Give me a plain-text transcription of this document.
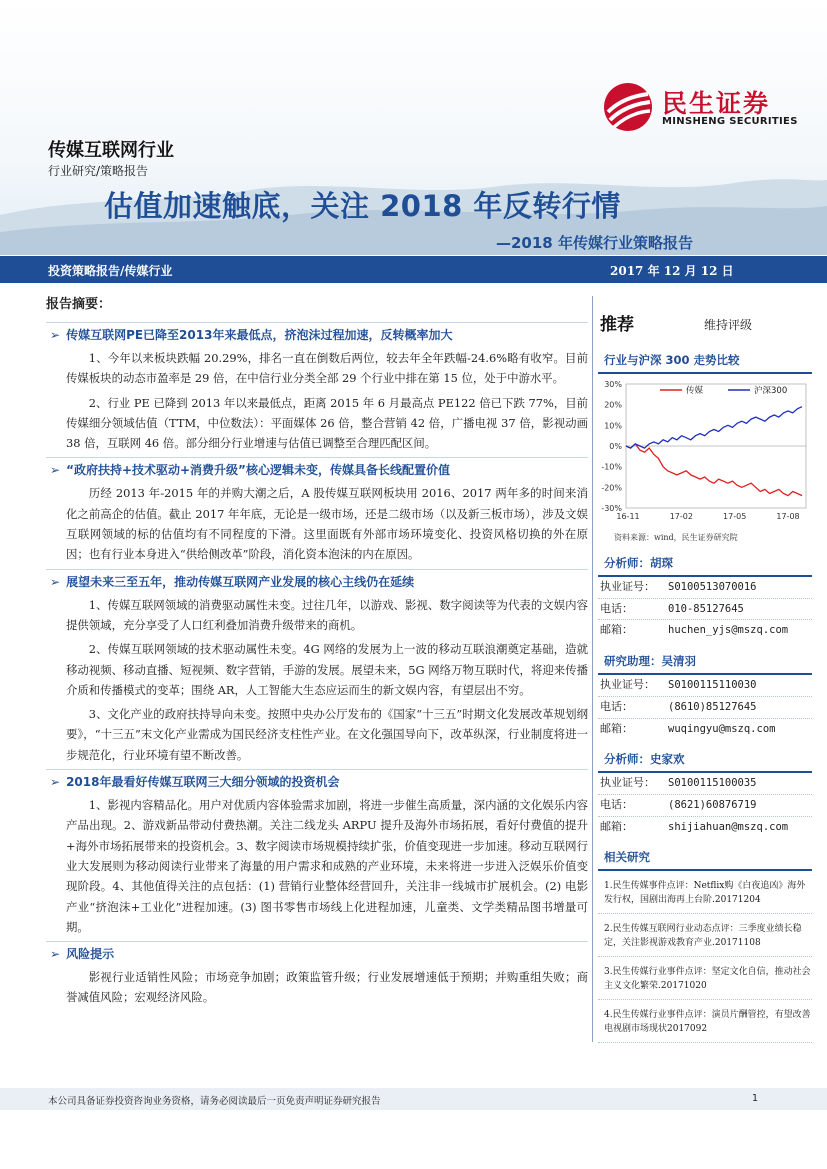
民生证券
MINSHENG SECURITIES
传媒互联网行业
行业研究/策略报告
估值加速触底，关注 2018 年反转行情
—2018 年传媒行业策略报告
投资策略报告/传媒行业	2017 年 12 月 12 日
报告摘要：
➢ 传媒互联网PE已降至2013年来最低点，挤泡沫过程加速，反转概率加大

1、今年以来板块跌幅 20.29%，排名一直在倒数后两位，较去年全年跌幅-24.6%略有收窄。目前传媒板块的动态市盈率是 29 倍，在中信行业分类全部 29 个行业中排在第 15 位，处于中游水平。

2、行业 PE 已降到 2013 年以来最低点，距离 2015 年 6 月最高点 PE122 倍已下跌 77%，目前传媒细分领域估值（TTM，中位数法）：平面媒体 26 倍，整合营销 42 倍，广播电视 37 倍，影视动画 38 倍，互联网 46 倍。部分细分行业增速与估值已调整至合理匹配区间。

➢ “政府扶持+技术驱动+消费升级”核心逻辑未变，传媒具备长线配置价值

历经 2013 年-2015 年的并购大潮之后，A 股传媒互联网板块用 2016、2017 两年多的时间来消化之前高企的估值。截止 2017 年年底，无论是一级市场，还是二级市场（以及新三板市场），涉及文娱互联网领域的标的估值均有不同程度的下滑。这里面既有外部市场环境变化、投资风格切换的外在原因；也有行业本身进入“供给侧改革”阶段，消化资本泡沫的内在原因。

➢ 展望未来三至五年，推动传媒互联网产业发展的核心主线仍在延续

1、传媒互联网领域的消费驱动属性未变。过往几年，以游戏、影视、数字阅读等为代表的文娱内容提供领域，充分享受了人口红利叠加消费升级带来的商机。

2、传媒互联网领域的技术驱动属性未变。4G 网络的发展为上一波的移动互联浪潮奠定基础，造就移动视频、移动直播、短视频、数字营销，手游的发展。展望未来，5G 网络万物互联时代，将迎来传播介质和传播模式的变革；围绕 AR，人工智能大生态应运而生的新文娱内容，有望层出不穷。

3、文化产业的政府扶持导向未变。按照中央办公厅发布的《国家“十三五”时期文化发展改革规划纲要》，“十三五”末文化产业需成为国民经济支柱性产业。在文化强国导向下，改革纵深，行业制度将进一步规范化，行业环境有望不断改善。

➢ 2018年最看好传媒互联网三大细分领域的投资机会

1、影视内容精品化。用户对优质内容体验需求加剧，将进一步催生高质量，深内涵的文化娱乐内容产品出现。2、游戏新品带动付费热潮。关注二线龙头 ARPU 提升及海外市场拓展，看好付费值的提升+海外市场拓展带来的投资机会。3、数字阅读市场规模持续扩张，价值变现进一步加速。移动互联网行业大发展则为移动阅读行业带来了海量的用户需求和成熟的产业环境，未来将进一步进入泛娱乐价值变现阶段。4、其他值得关注的点包括：(1) 营销行业整体经营回升，关注非一线城市扩展机会。(2) 电影产业“挤泡沫+工业化”进程加速。(3) 图书零售市场线上化进程加速，儿童类、文学类精品图书增量可期。

➢ 风险提示

影视行业适销性风险；市场竞争加剧；政策监管升级；行业发展增速低于预期；并购重组失败；商誉减值风险；宏观经济风险。

推荐	维持评级
行业与沪深 300 走势比较
30%
20%
10%
0%
-10%
-20%
-30%
16-11	17-02	17-05	17-08
传媒	沪深300
资料来源：wind，民生证券研究院
分析师：胡琛
执业证号：	S0100513070016
电话：	010-85127645
邮箱：	huchen_yjs@mszq.com
研究助理：吴清羽
执业证号：	S0100115110030
电话：	(8610)85127645
邮箱：	wuqingyu@mszq.com
分析师：史家欢
执业证号：	S0100115100035
电话：	(8621)60876719
邮箱：	shijiahuan@mszq.com
相关研究
1.民生传媒事件点评：Netflix购《白夜追凶》海外发行权，国剧出海再上台阶.20171204
2.民生传媒互联网行业动态点评：三季度业绩长稳定，关注影视游戏教育产业.20171108
3.民生传媒行业事件点评：坚定文化自信，推动社会主义文化繁荣.20171020
4.民生传媒行业事件点评：演员片酬管控，有望改善电视剧市场现状2017092
本公司具备证券投资咨询业务资格，请务必阅读最后一页免责声明证券研究报告	1
